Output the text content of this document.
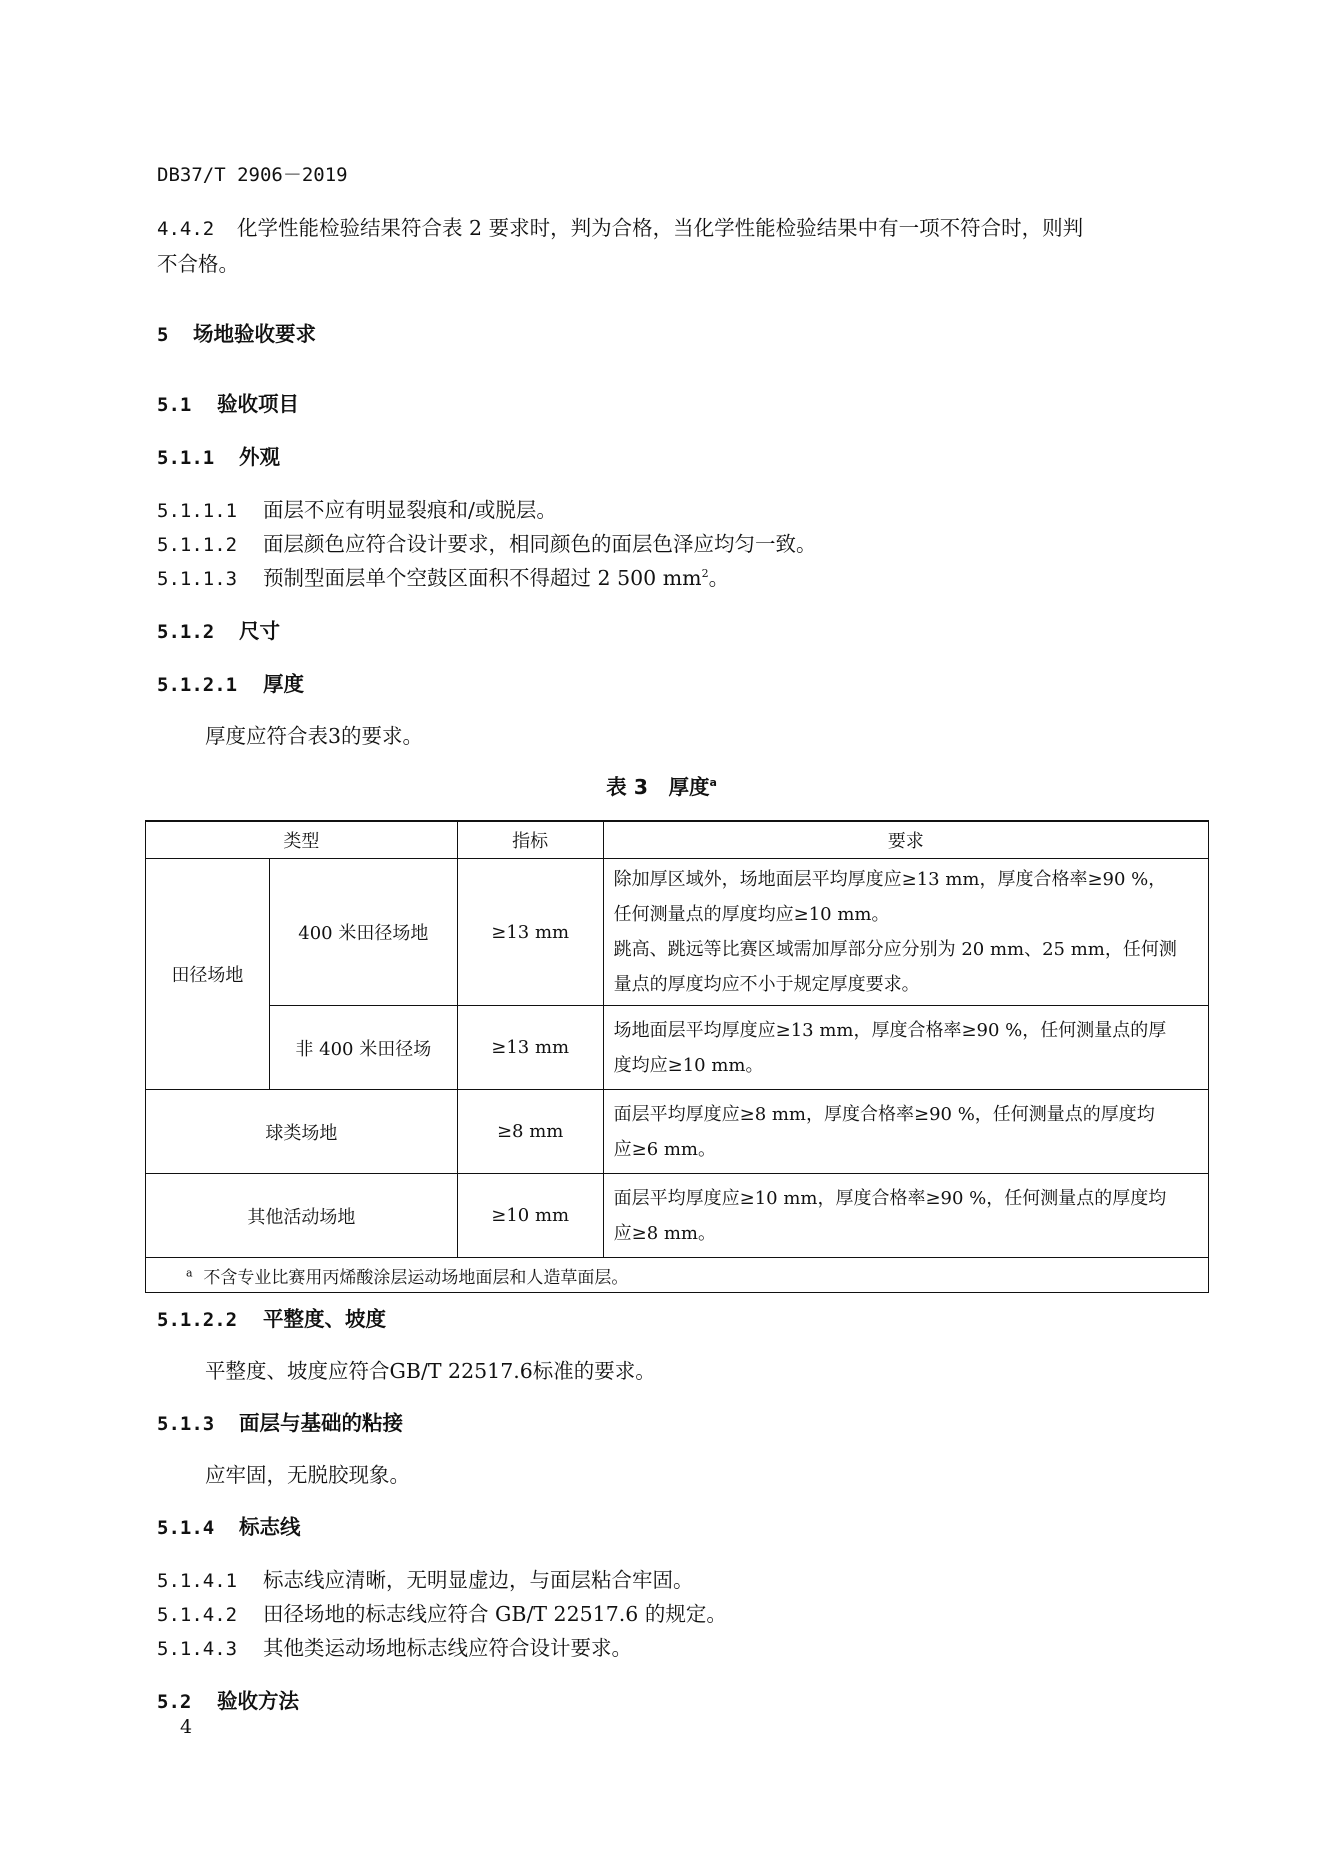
DB37/T 2906－2019
4.4.2 化学性能检验结果符合表 2 要求时，判为合格，当化学性能检验结果中有一项不符合时，则判
不合格。
5 场地验收要求
5.1 验收项目
5.1.1 外观
5.1.1.1 面层不应有明显裂痕和/或脱层。
5.1.1.2 面层颜色应符合设计要求，相同颜色的面层色泽应均匀一致。
5.1.1.3 预制型面层单个空鼓区面积不得超过 2 500 $mm^2$。
5.1.2 尺寸
5.1.2.1 厚度
厚度应符合表3的要求。
表 3　厚度$^a$
类型		指标	要求
田径场地	400 米田径场地	≥13 mm	除加厚区域外，场地面层平均厚度应≥13 mm，厚度合格率≥90 %，
任何测量点的厚度均应≥10 mm。
跳高、跳远等比赛区域需加厚部分应分别为 20 mm、25 mm，任何测
量点的厚度均应不小于规定厚度要求。

	非 400 米田径场	≥13 mm	场地面层平均厚度应≥13 mm，厚度合格率≥90 %，任何测量点的厚
度均应≥10 mm。

球类场地		≥8 mm	面层平均厚度应≥8 mm，厚度合格率≥90 %，任何测量点的厚度均
应≥6 mm。

其他活动场地		≥10 mm	面层平均厚度应≥10 mm，厚度合格率≥90 %，任何测量点的厚度均
应≥8 mm。

$^a$ 不含专业比赛用丙烯酸涂层运动场地面层和人造草面层。			
5.1.2.2 平整度、坡度
平整度、坡度应符合GB/T 22517.6标准的要求。
5.1.3 面层与基础的粘接
应牢固，无脱胶现象。
5.1.4 标志线
5.1.4.1 标志线应清晰，无明显虚边，与面层粘合牢固。
5.1.4.2 田径场地的标志线应符合 GB/T 22517.6 的规定。
5.1.4.3 其他类运动场地标志线应符合设计要求。
5.2 验收方法
4
